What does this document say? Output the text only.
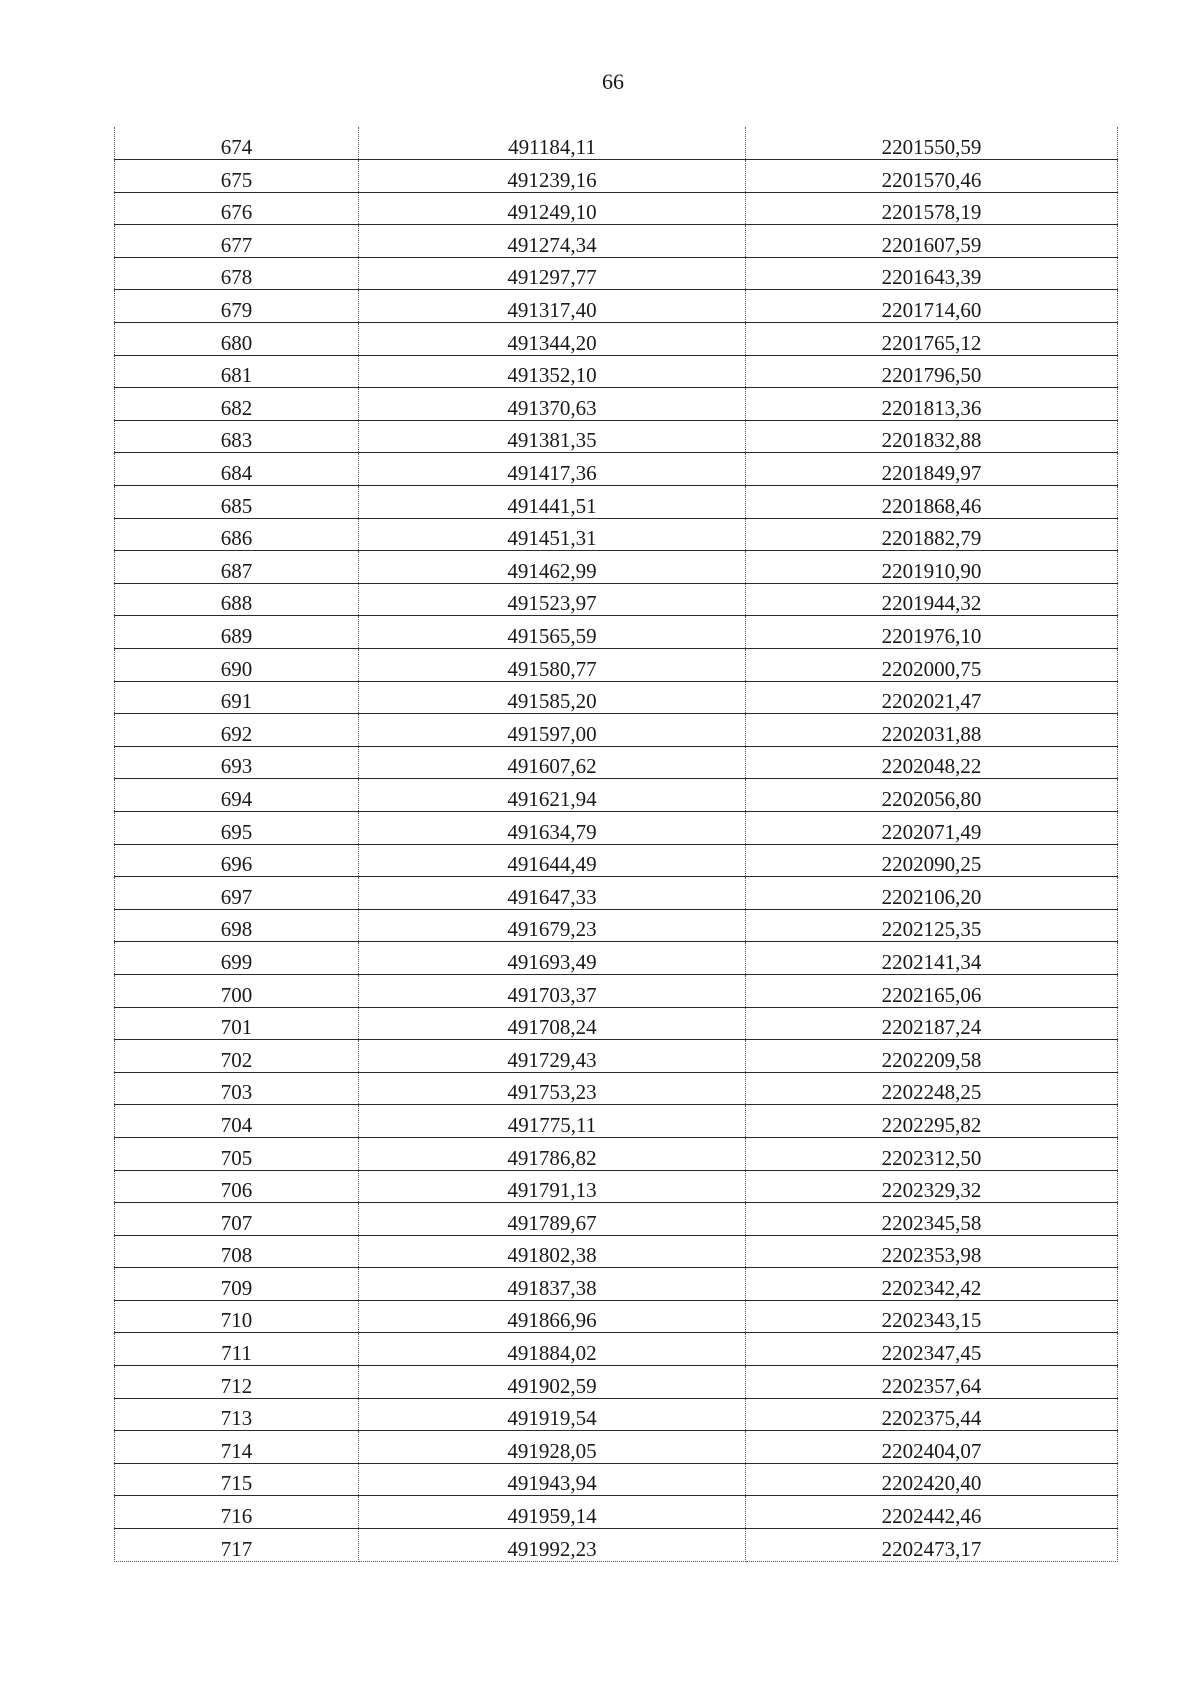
66
674	491184,11	2201550,59
675	491239,16	2201570,46
676	491249,10	2201578,19
677	491274,34	2201607,59
678	491297,77	2201643,39
679	491317,40	2201714,60
680	491344,20	2201765,12
681	491352,10	2201796,50
682	491370,63	2201813,36
683	491381,35	2201832,88
684	491417,36	2201849,97
685	491441,51	2201868,46
686	491451,31	2201882,79
687	491462,99	2201910,90
688	491523,97	2201944,32
689	491565,59	2201976,10
690	491580,77	2202000,75
691	491585,20	2202021,47
692	491597,00	2202031,88
693	491607,62	2202048,22
694	491621,94	2202056,80
695	491634,79	2202071,49
696	491644,49	2202090,25
697	491647,33	2202106,20
698	491679,23	2202125,35
699	491693,49	2202141,34
700	491703,37	2202165,06
701	491708,24	2202187,24
702	491729,43	2202209,58
703	491753,23	2202248,25
704	491775,11	2202295,82
705	491786,82	2202312,50
706	491791,13	2202329,32
707	491789,67	2202345,58
708	491802,38	2202353,98
709	491837,38	2202342,42
710	491866,96	2202343,15
711	491884,02	2202347,45
712	491902,59	2202357,64
713	491919,54	2202375,44
714	491928,05	2202404,07
715	491943,94	2202420,40
716	491959,14	2202442,46
717	491992,23	2202473,17
